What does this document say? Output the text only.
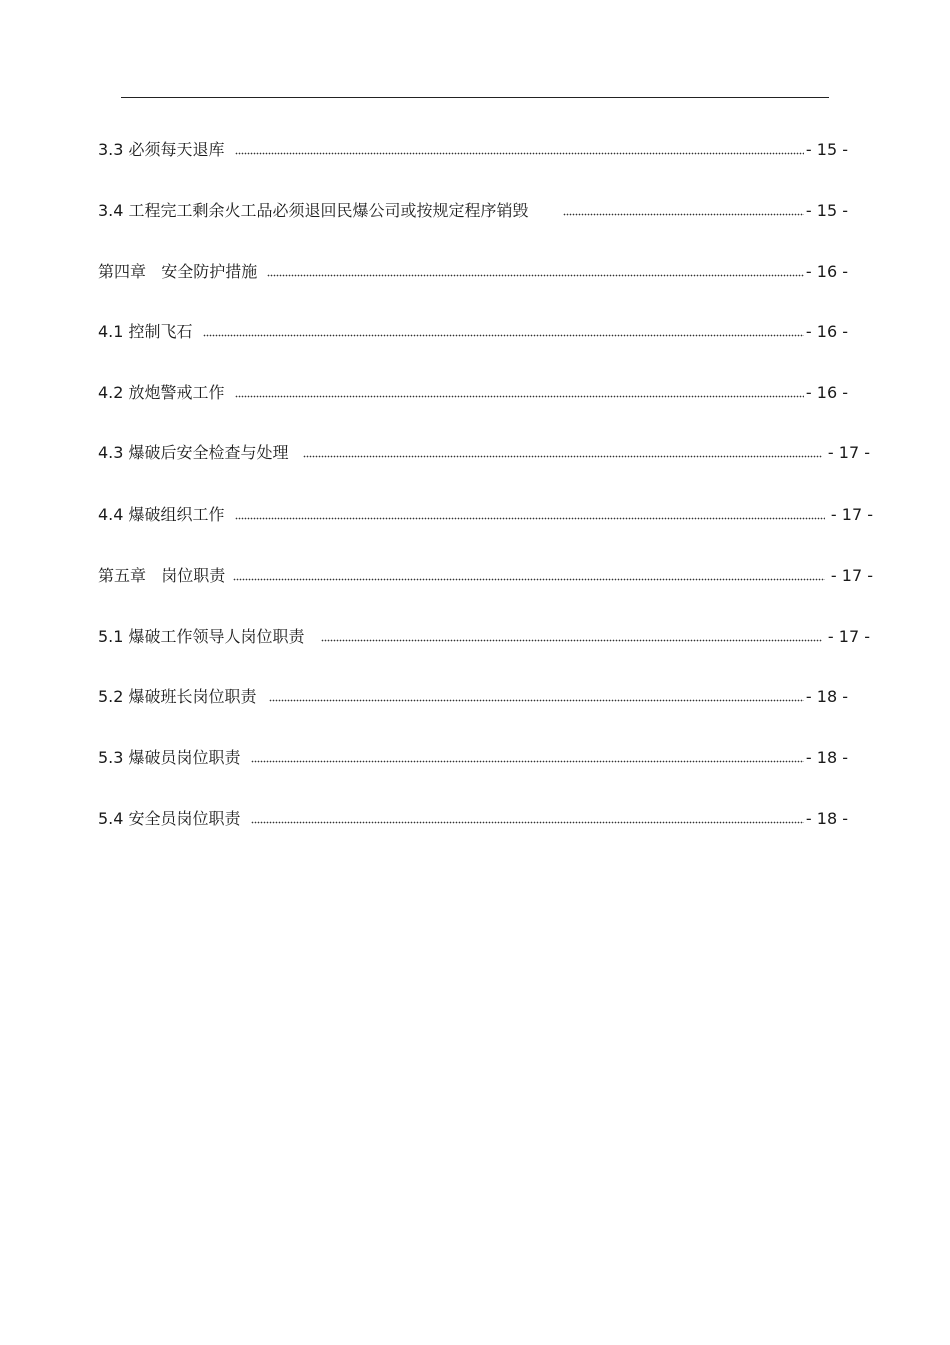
3.3 必须每天退库	- 15 -
3.4 工程完工剩余火工品必须退回民爆公司或按规定程序销毁	- 15 -
第四章   安全防护措施	- 16 -
4.1 控制飞石	- 16 -
4.2 放炮警戒工作	- 16 -
4.3 爆破后安全检查与处理	- 17 -
4.4 爆破组织工作	- 17 -
第五章   岗位职责	- 17 -
5.1 爆破工作领导人岗位职责	- 17 -
5.2 爆破班长岗位职责	- 18 -
5.3 爆破员岗位职责	- 18 -
5.4 安全员岗位职责	- 18 -
